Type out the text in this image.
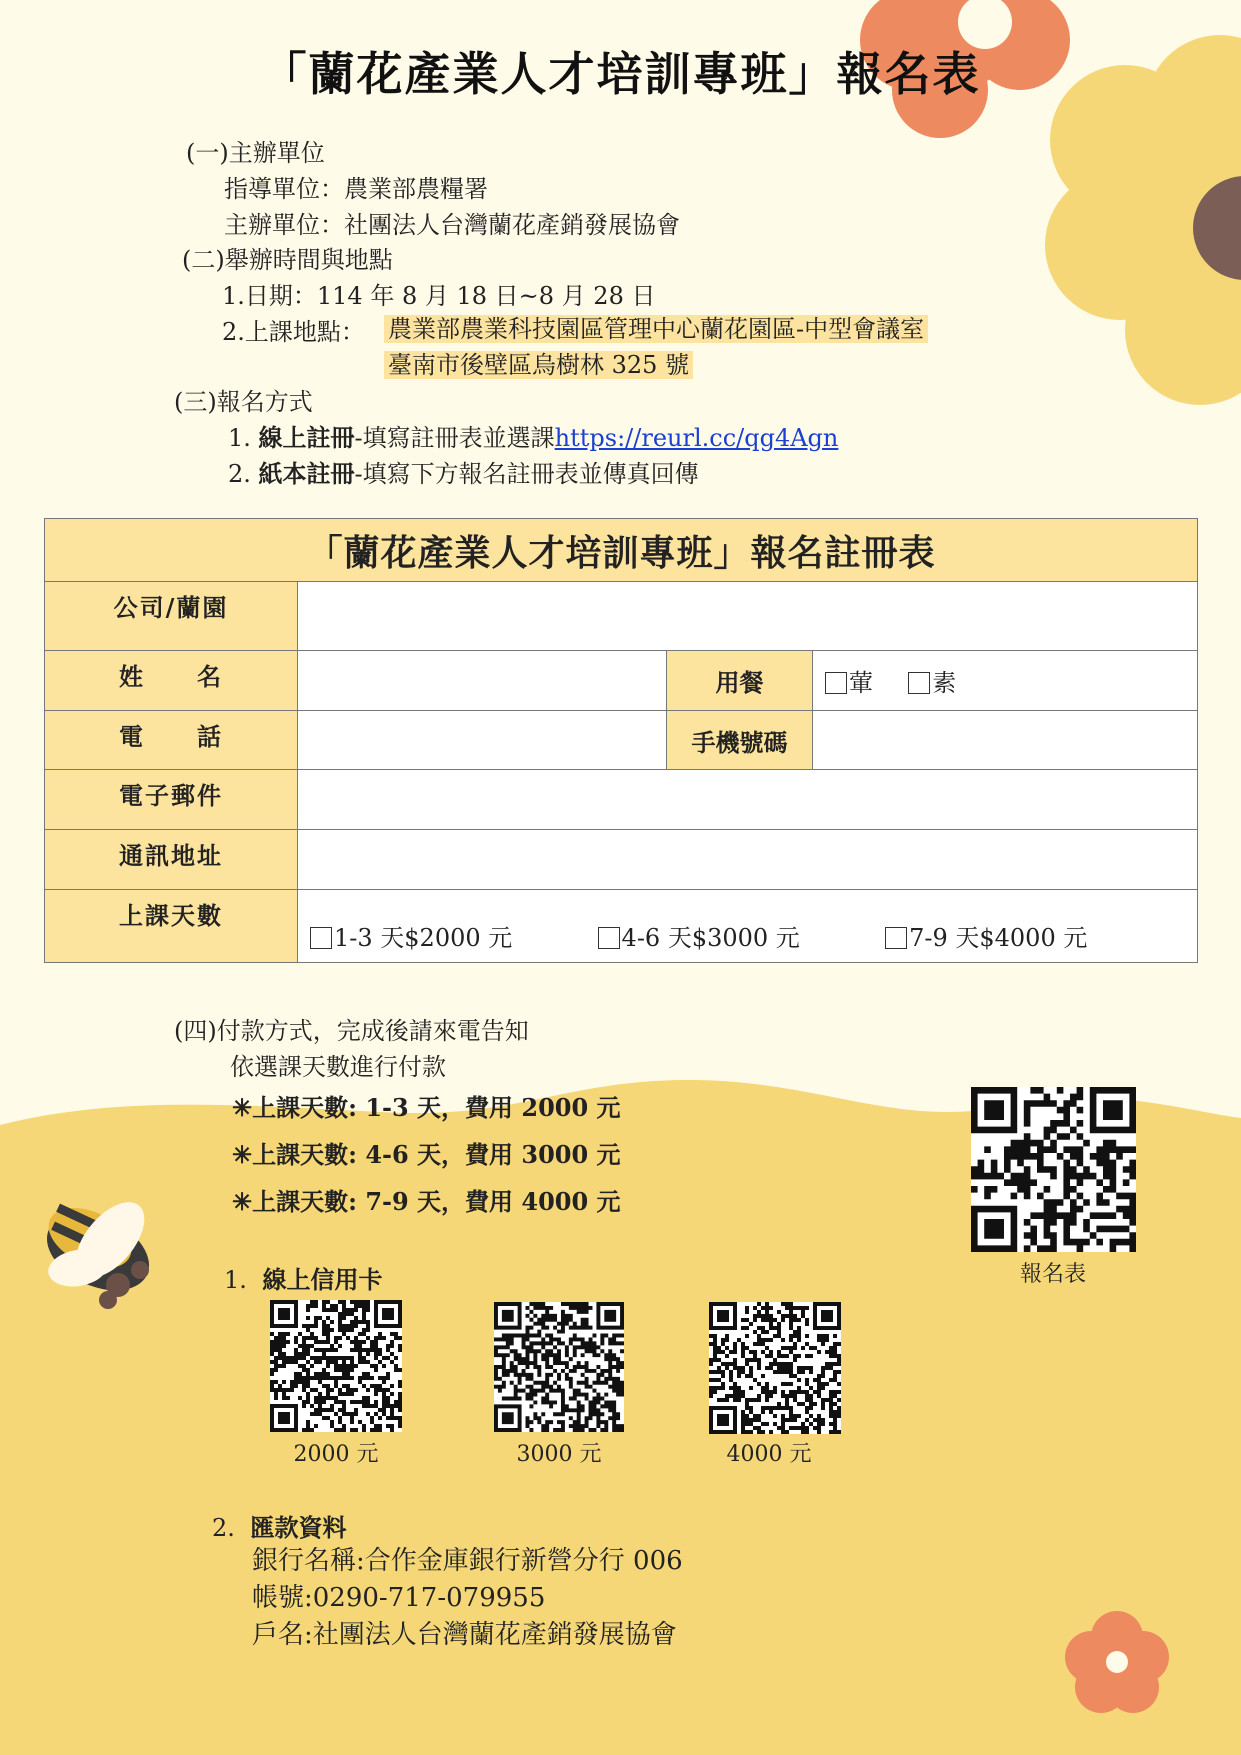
「蘭花產業人才培訓專班」報名表
(一)主辦單位
指導單位：農業部農糧署
主辦單位：社團法人台灣蘭花產銷發展協會
(二)舉辦時間與地點
1.日期：114 年 8 月 18 日~8 月 28 日
2.上課地點： 農業部農業科技園區管理中心蘭花園區-中型會議室
臺南市後壁區烏樹林 325 號
(三)報名方式
1. 線上註冊-填寫註冊表並選課https://reurl.cc/qg4Agn
2. 紙本註冊-填寫下方報名註冊表並傳真回傳
「蘭花產業人才培訓專班」報名註冊表			
公司/蘭園			
姓　　名		用餐	葷 素
電　　話		手機號碼	
電子郵件			
通訊地址			
上課天數	1-3 天$2000 元 4-6 天$3000 元 7-9 天$4000 元		
(四)付款方式，完成後請來電告知
依選課天數進行付款
✳上課天數: 1-3 天，費用 2000 元
✳上課天數: 4-6 天，費用 3000 元
✳上課天數: 7-9 天，費用 4000 元
1. 線上信用卡
2000 元	3000 元	4000 元
報名表
2. 匯款資料
銀行名稱:合作金庫銀行新營分行 006
帳號:0290-717-079955
戶名:社團法人台灣蘭花產銷發展協會
